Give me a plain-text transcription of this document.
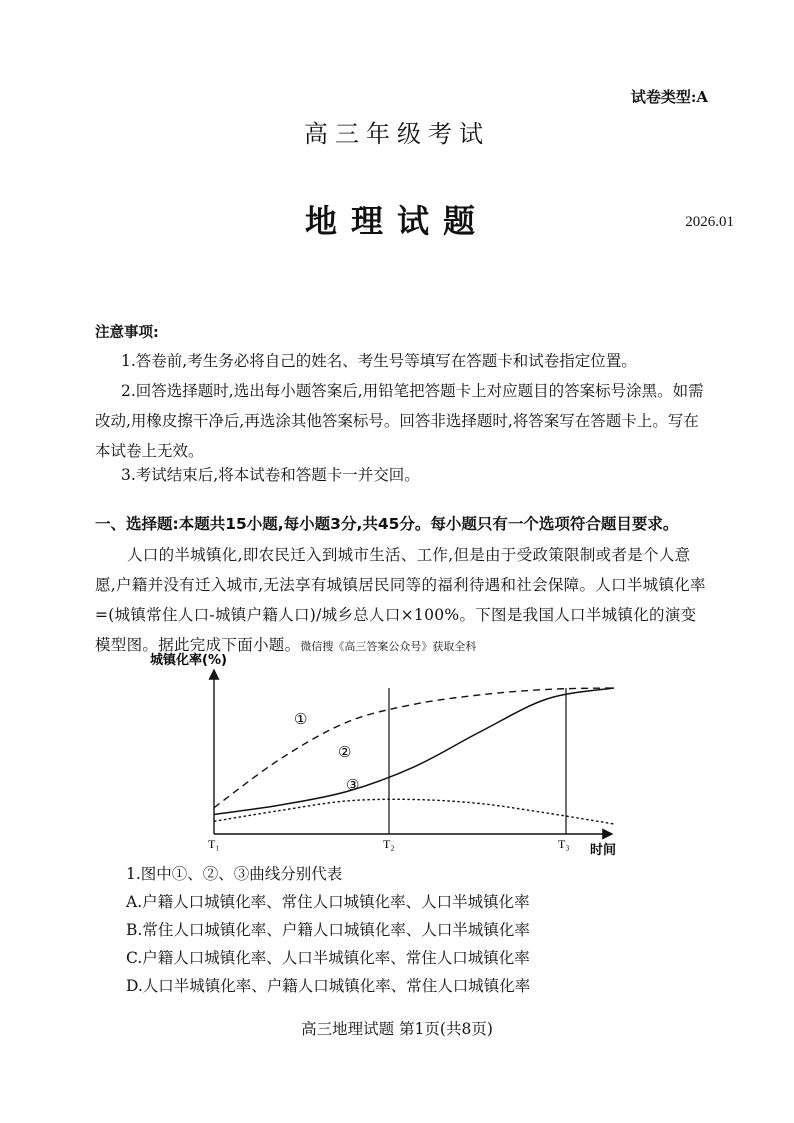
试卷类型:A
高三年级考试
地理试题	2026.01
注意事项:
1.答卷前,考生务必将自己的姓名、考生号等填写在答题卡和试卷指定位置。
2.回答选择题时,选出每小题答案后,用铅笔把答题卡上对应题目的答案标号涂黑。如需改动,用橡皮擦干净后,再选涂其他答案标号。回答非选择题时,将答案写在答题卡上。写在本试卷上无效。
3.考试结束后,将本试卷和答题卡一并交回。
一、选择题:本题共15小题,每小题3分,共45分。每小题只有一个选项符合题目要求。
人口的半城镇化,即农民迁入到城市生活、工作,但是由于受政策限制或者是个人意愿,户籍并没有迁入城市,无法享有城镇居民同等的福利待遇和社会保障。人口半城镇化率=(城镇常住人口-城镇户籍人口)/城乡总人口×100%。下图是我国人口半城镇化的演变模型图。据此完成下面小题。微信搜《高三答案公众号》获取全科
城镇化率(%)
时间
T₁	T₂	T₃
①
②
③
1.图中①、②、③曲线分别代表
A.户籍人口城镇化率、常住人口城镇化率、人口半城镇化率
B.常住人口城镇化率、户籍人口城镇化率、人口半城镇化率
C.户籍人口城镇化率、人口半城镇化率、常住人口城镇化率
D.人口半城镇化率、户籍人口城镇化率、常住人口城镇化率
高三地理试题 第1页(共8页)
